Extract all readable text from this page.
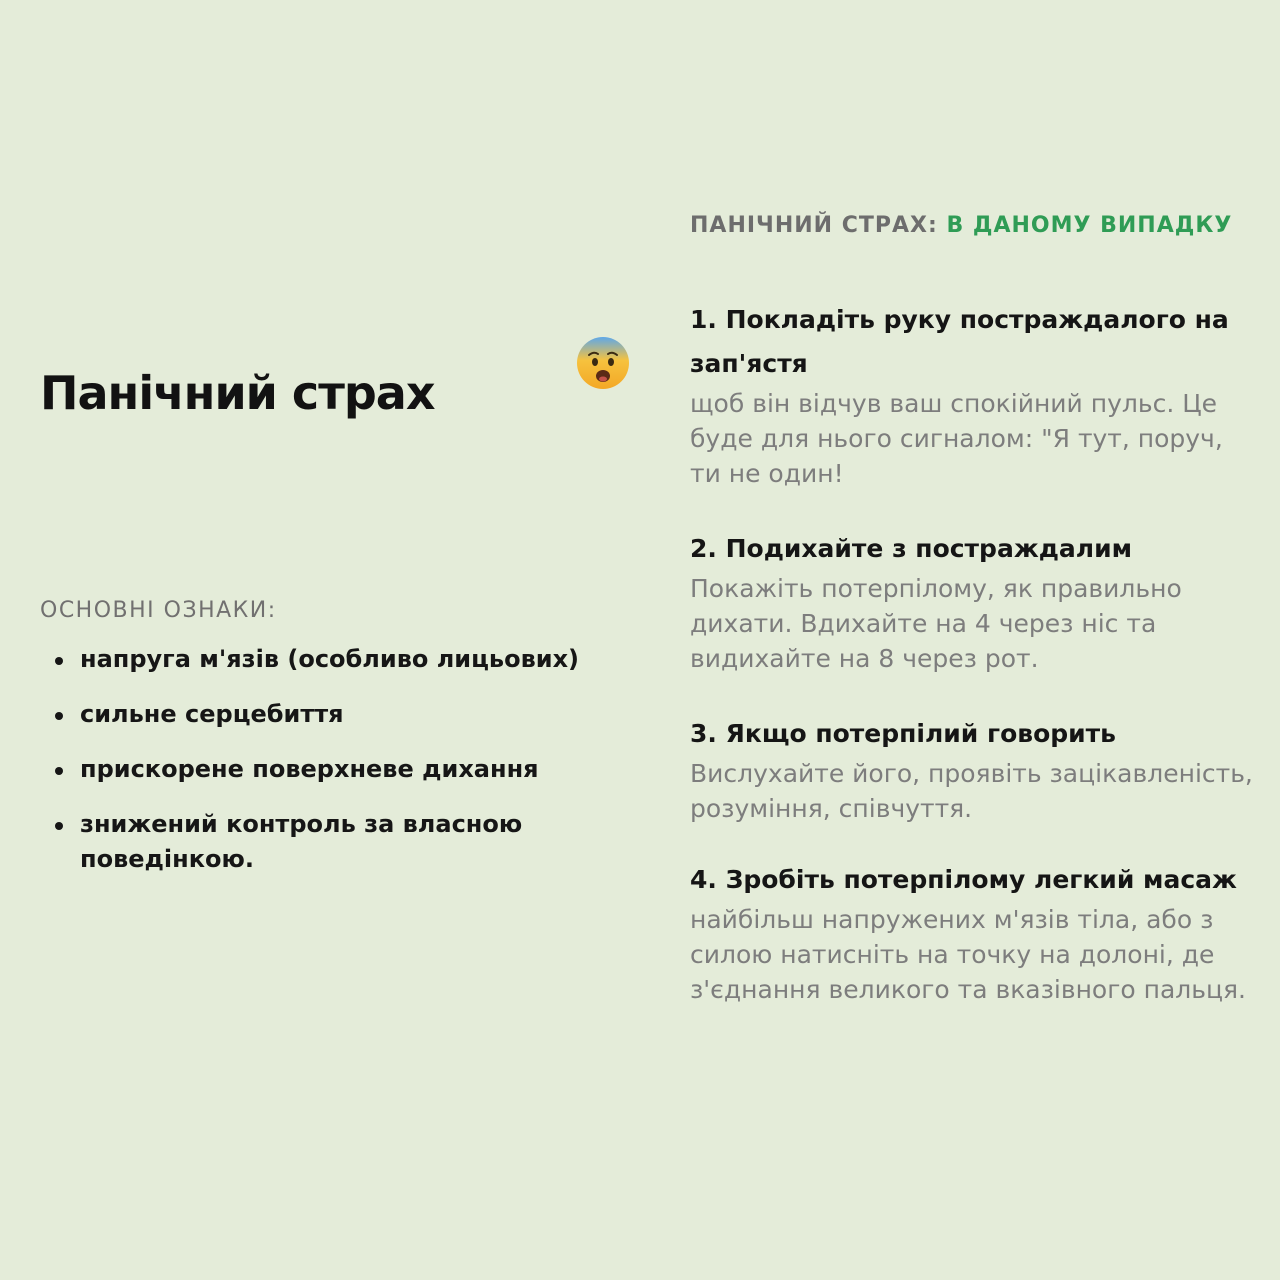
Панічний страх

ОСНОВНІ ОЗНАКИ:

напруга м'язів (особливо лицьових)
сильне серцебиття
прискорене поверхневе дихання
знижений контроль за власною поведінкою.

ПАНІЧНИЙ СТРАХ: В ДАНОМУ ВИПАДКУ

1. Покладіть руку постраждалого на зап'ястя

щоб він відчув ваш спокійний пульс. Це буде для нього сигналом: "Я тут, поруч, ти не один!

2. Подихайте з постраждалим

Покажіть потерпілому, як правильно дихати. Вдихайте на 4 через ніс та видихайте на 8 через рот.

3. Якщо потерпілий говорить

Вислухайте його, проявіть зацікавленість, розуміння, співчуття.

4. Зробіть потерпілому легкий масаж

найбільш напружених м'язів тіла, або з силою натисніть на точку на долоні, де з'єднання великого та вказівного пальця.
